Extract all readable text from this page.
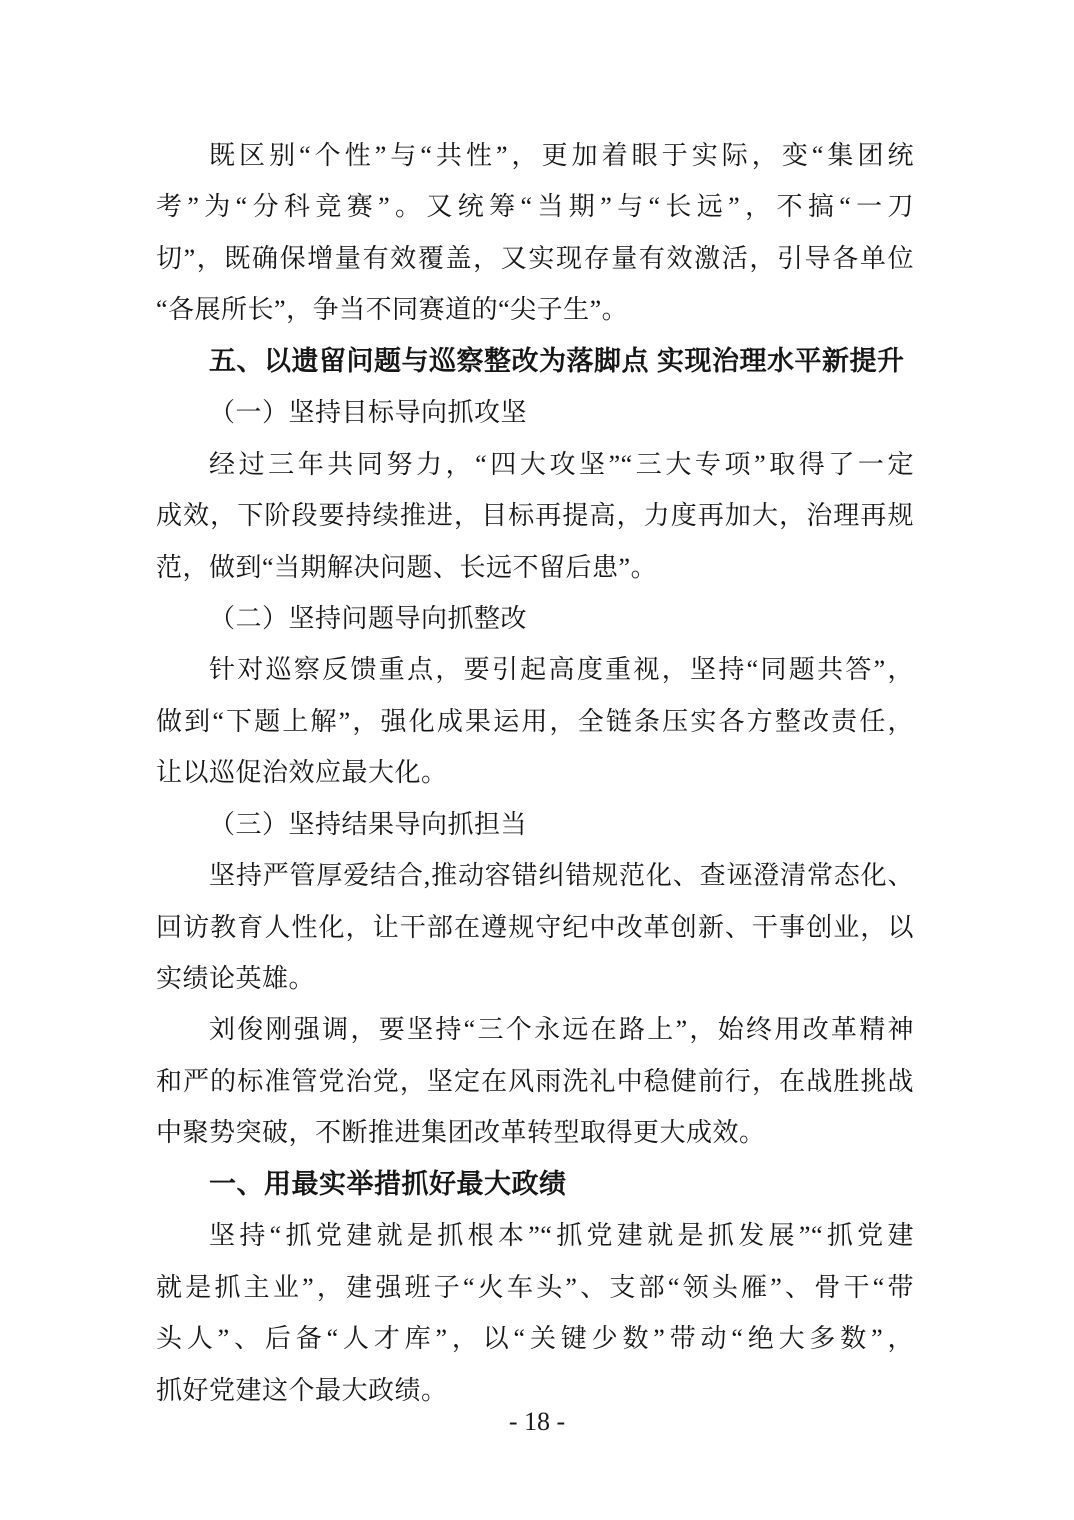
既区别“个性”与“共性”，更加着眼于实际，变“集团统
考”为“分科竞赛”。又统筹“当期”与“长远”，不搞“一刀
切”，既确保增量有效覆盖，又实现存量有效激活，引导各单位
“各展所长”，争当不同赛道的“尖子生”。
五、以遗留问题与巡察整改为落脚点 实现治理水平新提升
（一）坚持目标导向抓攻坚
经过三年共同努力，“四大攻坚”“三大专项”取得了一定
成效，下阶段要持续推进，目标再提高，力度再加大，治理再规
范，做到“当期解决问题、长远不留后患”。
（二）坚持问题导向抓整改
针对巡察反馈重点，要引起高度重视，坚持“同题共答”，
做到“下题上解”，强化成果运用，全链条压实各方整改责任，
让以巡促治效应最大化。
（三）坚持结果导向抓担当
坚持严管厚爱结合,推动容错纠错规范化、查诬澄清常态化、
回访教育人性化，让干部在遵规守纪中改革创新、干事创业，以
实绩论英雄。
刘俊刚强调，要坚持“三个永远在路上”，始终用改革精神
和严的标准管党治党，坚定在风雨洗礼中稳健前行，在战胜挑战
中聚势突破，不断推进集团改革转型取得更大成效。
一、用最实举措抓好最大政绩
坚持“抓党建就是抓根本”“抓党建就是抓发展”“抓党建
就是抓主业”，建强班子“火车头”、支部“领头雁”、骨干“带
头人”、后备“人才库”，以“关键少数”带动“绝大多数”，
抓好党建这个最大政绩。
- 18 -
